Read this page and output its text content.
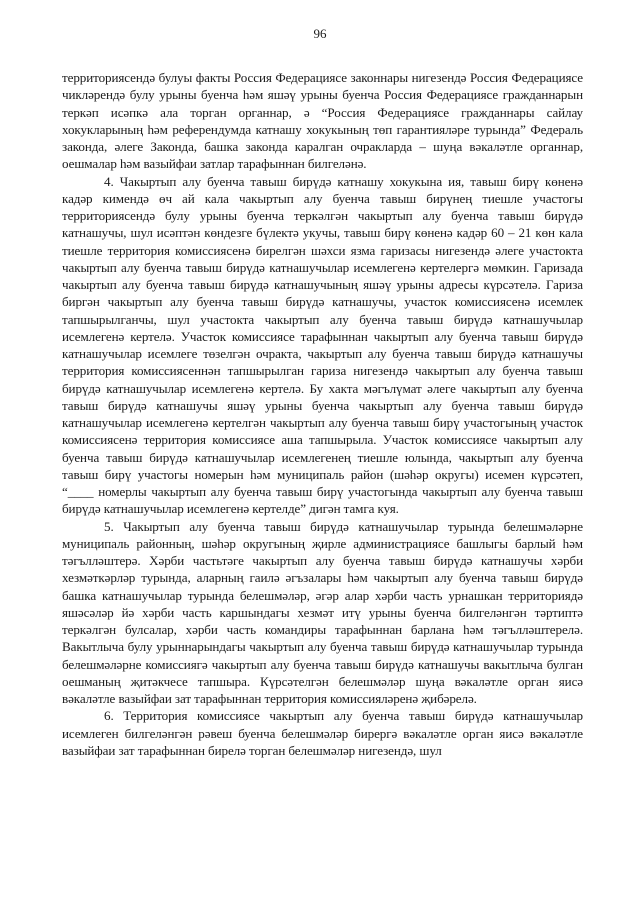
96

территориясендә булуы факты Россия Федерациясе законнары нигезендә Россия Федерациясе чикләрендә булу урыны буенча һәм яшәү урыны буенча Россия Федерациясе гражданнарын теркәп исәпкә ала торган органнар, ә “Россия Федерациясе гражданнары сайлау хокукларының һәм референдумда катнашу хокукының төп гарантияләре турында” Федераль законда, әлеге Законда, башка законда каралган очракларда – шуңа вәкаләтле органнар, оешмалар һәм вазыйфаи затлар тарафыннан билгеләнә.

4. Чакыртып алу буенча тавыш бирүдә катнашу хокукына ия, тавыш бирү көненә кадәр кимендә өч ай кала чакыртып алу буенча тавыш бирүнең тиешле участогы территориясендә булу урыны буенча теркәлгән чакыртып алу буенча тавыш бирүдә катнашучы, шул исәптән көндезге бүлектә укучы, тавыш бирү көненә кадәр 60 – 21 көн кала тиешле территория комиссиясенә бирелгән шәхси язма гаризасы нигезендә әлеге участокта чакыртып алу буенча тавыш бирүдә катнашучылар исемлегенә кертелергә мөмкин. Гаризада чакыртып алу буенча тавыш бирүдә катнашучының яшәү урыны адресы күрсәтелә. Гариза биргән чакыртып алу буенча тавыш бирүдә катнашучы, участок комиссиясенә исемлек тапшырылганчы, шул участокта чакыртып алу буенча тавыш бирүдә катнашучылар исемлегенә кертелә. Участок комиссиясе тарафыннан чакыртып алу буенча тавыш бирүдә катнашучылар исемлеге төзелгән очракта, чакыртып алу буенча тавыш бирүдә катнашучы территория комиссиясеннән тапшырылган гариза нигезендә чакыртып алу буенча тавыш бирүдә катнашучылар исемлегенә кертелә. Бу хакта мәгълүмат әлеге чакыртып алу буенча тавыш бирүдә катнашучы яшәү урыны буенча чакыртып алу буенча тавыш бирүдә катнашучылар исемлегенә кертелгән чакыртып алу буенча тавыш бирү участогының участок комиссиясенә территория комиссиясе аша тапшырыла. Участок комиссиясе чакыртып алу буенча тавыш бирүдә катнашучылар исемлегенең тиешле юлында, чакыртып алу буенча тавыш бирү участогы номерын һәм муниципаль район (шәһәр округы) исемен күрсәтеп, “____ номерлы чакыртып алу буенча тавыш бирү участогында чакыртып алу буенча тавыш бирүдә катнашучылар исемлегенә кертелде” дигән тамга куя.

5. Чакыртып алу буенча тавыш бирүдә катнашучылар турында белешмәләрне муниципаль районның, шәһәр округының җирле администрациясе башлыгы барлый һәм тәгълләштерә. Хәрби частьтәге чакыртып алу буенча тавыш бирүдә катнашучы хәрби хезмәткәрләр турында, аларның гаилә әгъзалары һәм чакыртып алу буенча тавыш бирүдә башка катнашучылар турында белешмәләр, әгәр алар хәрби часть урнашкан территориядә яшәсәләр йә хәрби часть каршындагы хезмәт итү урыны буенча билгеләнгән тәртиптә теркәлгән булсалар, хәрби часть командиры тарафыннан барлана һәм тәгълләштерелә. Вакытлыча булу урыннарындагы чакыртып алу буенча тавыш бирүдә катнашучылар турында белешмәләрне комиссиягә чакыртып алу буенча тавыш бирүдә катнашучы вакытлыча булган оешманың җитәкчесе тапшыра. Күрсәтелгән белешмәләр шуңа вәкаләтле орган яисә вәкаләтле вазыйфаи зат тарафыннан территория комиссияләренә җибәрелә.

6. Территория комиссиясе чакыртып алу буенча тавыш бирүдә катнашучылар исемлеген билгеләнгән рәвеш буенча белешмәләр бирергә вәкаләтле орган яисә вәкаләтле вазыйфаи зат тарафыннан бирелә торган белешмәләр нигезендә, шул
